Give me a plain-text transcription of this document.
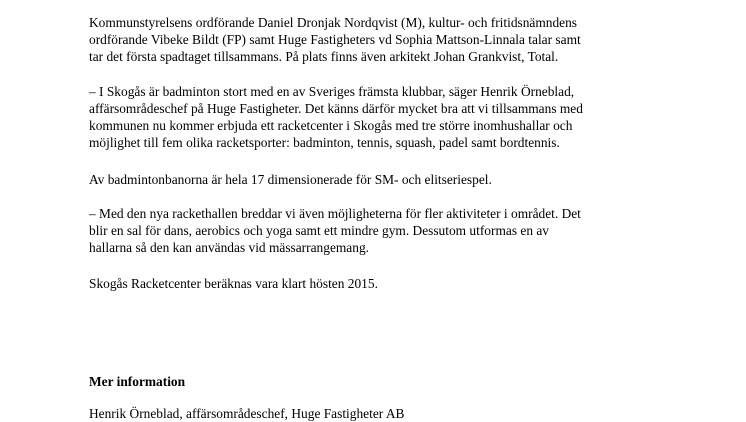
Kommunstyrelsens ordförande Daniel Dronjak Nordqvist (M), kultur- och fritidsnämndens
ordförande Vibeke Bildt (FP) samt Huge Fastigheters vd Sophia Mattson-Linnala talar samt
tar det första spadtaget tillsammans. På plats finns även arkitekt Johan Grankvist, Total.
– I Skogås är badminton stort med en av Sveriges främsta klubbar, säger Henrik Örneblad,
affärsområdeschef på Huge Fastigheter. Det känns därför mycket bra att vi tillsammans med
kommunen nu kommer erbjuda ett racketcenter i Skogås med tre större inomhushallar och
möjlighet till fem olika racketsporter: badminton, tennis, squash, padel samt bordtennis.
Av badmintonbanorna är hela 17 dimensionerade för SM- och elitseriespel.
– Med den nya rackethallen breddar vi även möjligheterna för fler aktiviteter i området. Det
blir en sal för dans, aerobics och yoga samt ett mindre gym. Dessutom utformas en av
hallarna så den kan användas vid mässarrangemang.
Skogås Racketcenter beräknas vara klart hösten 2015.
Mer information
Henrik Örneblad, affärsområdeschef, Huge Fastigheter AB
